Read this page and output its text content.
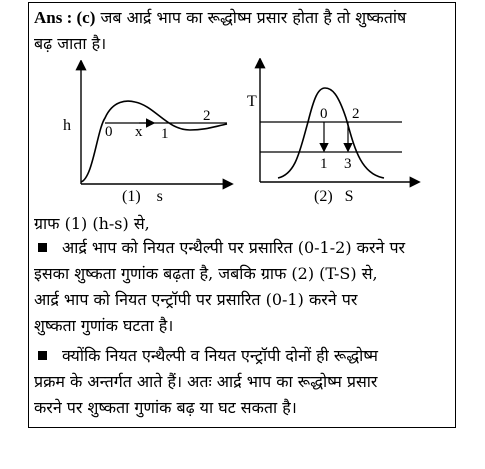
Ans : (c) जब आर्द्र भाप का रूद्धोष्म प्रसार होता है तो शुष्कतांष
बढ़ जाता है।
h 0 x 1
2
(1) s
T
0 2
1 3
(2) S
ग्राफ (1) (h-s) से,
आर्द्र भाप को नियत एन्थैल्पी पर प्रसारित (0-1-2) करने पर
इसका शुष्कता गुणांक बढ़ता है, जबकि ग्राफ (2) (T-S) से,
आर्द्र भाप को नियत एन्ट्रॉपी पर प्रसारित (0-1) करने पर
शुष्कता गुणांक घटता है।
क्योंकि नियत एन्थैल्पी व नियत एन्ट्रॉपी दोनों ही रूद्धोष्म
प्रक्रम के अन्तर्गत आते हैं। अतः आर्द्र भाप का रूद्धोष्म प्रसार
करने पर शुष्कता गुणांक बढ़ या घट सकता है।
